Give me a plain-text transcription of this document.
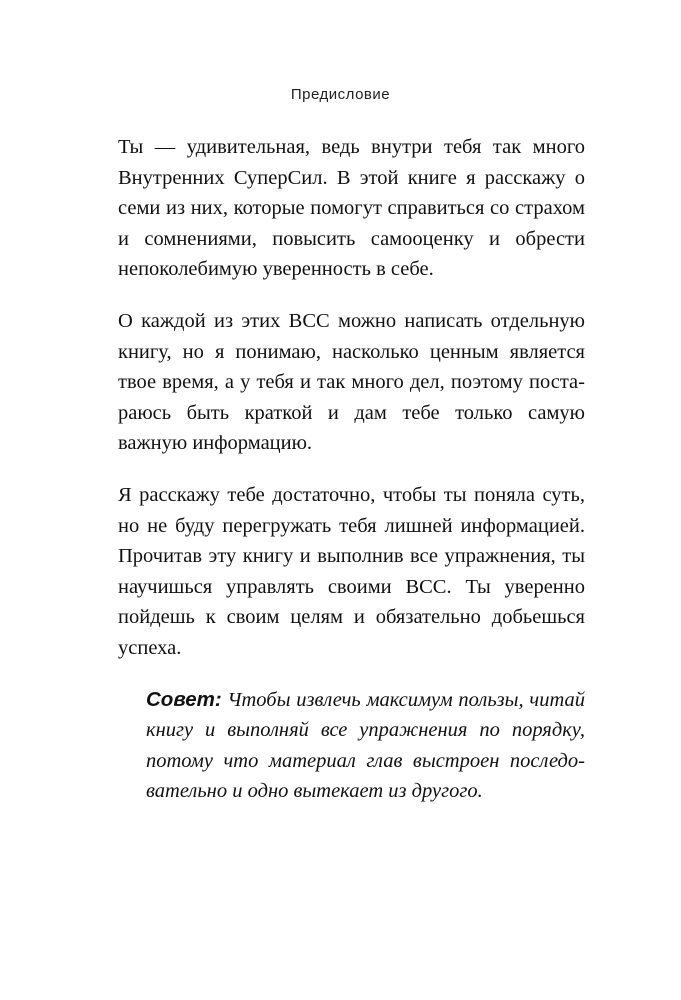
Предисловие

Ты — удивительная, ведь внутри тебя так много Внутренних СуперСил. В этой книге я расскажу о семи из них, которые помогут справиться со страхом и сомнениями, повысить самооценку и обрести непоколебимую уверенность в себе.

О каждой из этих ВСС можно написать отдельную книгу, но я понимаю, насколько ценным является твое время, а у тебя и так много дел, поэтому постараюсь быть краткой и дам тебе только самую важную информацию.

Я расскажу тебе достаточно, чтобы ты поняла суть, но не буду перегружать тебя лишней информацией. Прочитав эту книгу и выполнив все упражнения, ты научишься управлять своими ВСС. Ты уверенно пойдешь к своим целям и обязательно добьешься успеха.

Совет: Чтобы извлечь максимум пользы, читай книгу и выполняй все упражнения по порядку, потому что материал глав выстроен последовательно и одно вытекает из другого.
